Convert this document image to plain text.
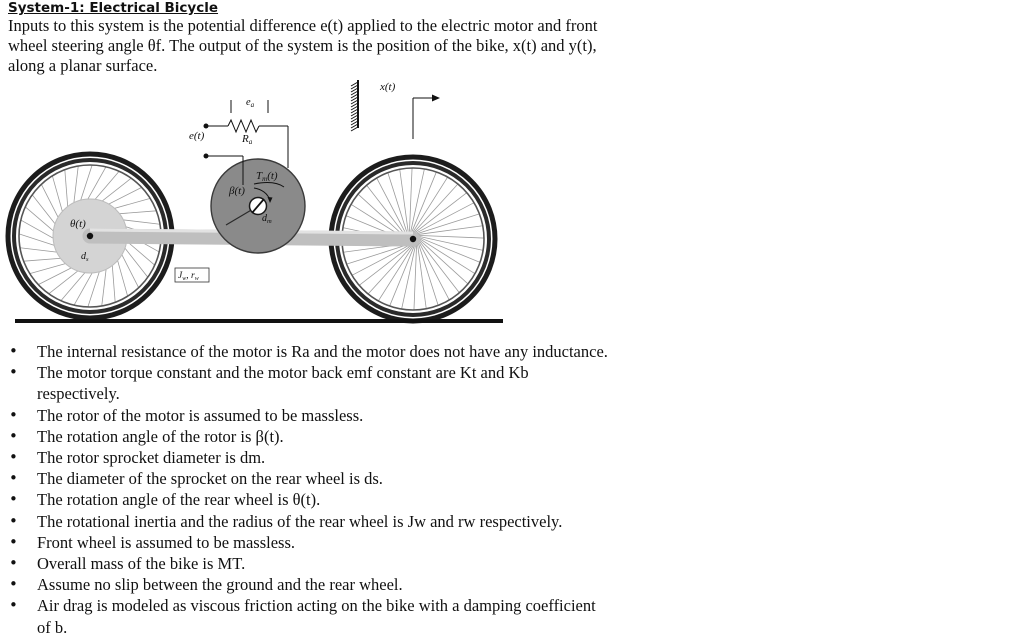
System-1: Electrical Bicycle

Inputs to this system is the potential difference e(t) applied to the electric motor and front

wheel steering angle θf. The output of the system is the position of the bike, x(t) and y(t),

along a planar surface.

x(t)
e(t)
ea
Ra
Tm(t)
β(t)
$d_m$
θ(t)
$d_s$
$J_w$, $r_w$
• The internal resistance of the motor is Ra and the motor does not have any inductance.
• The motor torque constant and the motor back emf constant are Kt and Kb
respectively.
• The rotor of the motor is assumed to be massless.
• The rotation angle of the rotor is β(t).
• The rotor sprocket diameter is dm.
• The diameter of the sprocket on the rear wheel is ds.
• The rotation angle of the rear wheel is θ(t).
• The rotational inertia and the radius of the rear wheel is Jw and rw respectively.
• Front wheel is assumed to be massless.
• Overall mass of the bike is MT.
• Assume no slip between the ground and the rear wheel.
• Air drag is modeled as viscous friction acting on the bike with a damping coefficient
of b.
